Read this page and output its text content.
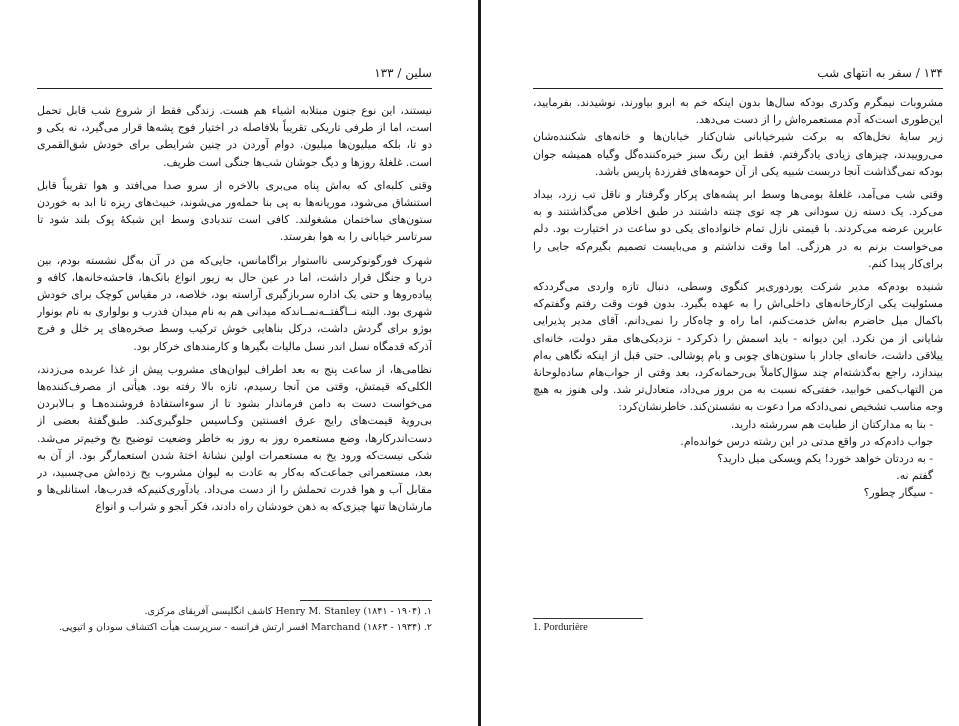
سلین / ۱۳۳

نیستند، این نوع جنون مبتلابه اشیاء هم هست. زندگی فقط از شروع شب قابل تحمل است، اما از طرفی تاریکی تقریباً بلافاصله در اختیار فوج پشه‌ها قرار می‌گیرد، نه یکی و دو تا، بلکه میلیون‌ها میلیون. دوام آوردن در چنین شرایطی برای خودش شق‌القمری است. غلغلهٔ روزها و دیگ جوشان شب‌ها جنگی است ظریف.

وقتی کلبه‌ای که به‌اش پناه می‌بری بالاخره از سرو صدا می‌افتد و هوا تقریباً قابل استنشاق می‌شود، موریانه‌ها به پی بنا حمله‌ور می‌شوند، خبیث‌های ریزه تا ابد به خوردن ستون‌های ساختمان مشغولند. کافی است تندبادی وسط این شبکهٔ پوک بلند شود تا سرتاسر خیابانی را به هوا بفرستد.

شهرک فورگونوکرسی نااستوار براگامانس، جایی‌که من در آن به‌گل نشسته بودم، بین دریا و جنگل قرار داشت، اما در عین حال به زیور انواع بانک‌ها، فاحشه‌خانه‌ها، کافه و پیاده‌روها و حتی یک اداره سربازگیری آراسته بود، خلاصه، در مقیاس کوچک برای خودش شهری بود. البته نــاگفتــه‌نمــاندکه میدانی هم به نام میدان فدرب و بولواری به نام بونوار بوژو برای گردش داشت، درکل بناهایی خوش ترکیب وسط صخره‌های پر خلل و فرج آذرکه قدمگاه نسل اندر نسل مالیات بگیرها و کارمندهای خرکار بود.

نظامی‌ها، از ساعت پنج به بعد اطراف لیوان‌های مشروب پیش از غذا عربده می‌زدند، الکلی‌که قیمتش، وقتی من آنجا رسیدم، تازه بالا رفته بود. هیأتی از مصرف‌کننده‌ها می‌خواست دست به دامن فرماندار بشود تا از سوءاستفادهٔ فروشنده‌هـا و بـالابردن بی‌رویهٔ قیمت‌های رایج عرق افسنتین وکـاسیس جلوگیری‌کند. طبق‌گفتهٔ بعضی از دست‌اندرکارها، وضع مستعمره روز به روز به خاطر وضعیت توضیح یخ وخیم‌تر می‌شد. شکی نیست‌که ورود یخ به مستعمرات اولین نشانهٔ اختهٔ شدن استعمارگر بود. از آن به بعد، مستعمراتی جماعت‌که به‌کار به عادت به لیوان مشروب یخ زده‌اش می‌چسبید، در مقابل آب و هوا قدرت تحملش را از دست می‌داد. یادآوری‌کنیم‌که فدرب‌ها، استانلی‌ها و مارشان‌ها تنها چیزی‌که به ذهن خودشان راه دادند، فکر آبجو و شراب و انواع

۱. Henry M. Stanley (۱۸۴۱ - ۱۹۰۴) کاشف انگلیسی آفریقای مرکزی.
۲. Marchand (۱۸۶۳ - ۱۹۳۴) افسر ارتش فرانسه - سرپرست هیأت اکتشاف سودان و اتیوپی.
۱۳۴ / سفر به انتهای شب

مشروبات نیمگرم وکدری بودکه سال‌ها بدون اینکه خم به ابرو بیاورند، نوشیدند. بفرمایید، این‌طوری است‌که آدم مستعمره‌اش را از دست می‌دهد.

زیر سایهٔ نخل‌ها‌که به برکت شیرخیابانی شان‌کنار خیابان‌ها و خانه‌های شکننده‌شان می‌روییدند، چیزهای زیادی یادگرفتم. فقط این رنگ سبز خیره‌کننده‌گل وگیاه همیشه جوان بودکه نمی‌گذاشت آنجا دربست شبیه یکی از آن حومه‌های فقرزدهٔ پاریس باشد.

وقتی شب می‌آمد، غلغلهٔ بومی‌ها وسط ابر پشه‌های پرکار وگرفتار و ناقل تب زرد، بیداد می‌کرد. یک دسته زن سودانی هر چه توی چنته داشتند در طبق اخلاص می‌گذاشتند و به عابرین عرضه می‌کردند. با قیمتی نازل تمام خانواده‌ای یکی دو ساعت در اختیارت بود. دلم می‌خواست بزنم به در هرزگی. اما وقت نداشتم و می‌بایست تصمیم بگیرم‌که جایی را برای‌کار پیدا کنم.

شنیده بودم‌که مدیر شرکت پوردوری‌یر کنگوی وسطی، دنبال تازه واردی می‌گردد‌که مسئولیت یکی ازکارخانه‌های داخلی‌اش را به عهده بگیرد. بدون فوت وقت رفتم وگفتم‌که باکمال میل حاضرم به‌اش خدمت‌کنم، اما راه و چاه‌کار را نمی‌دانم. آقای مدیر پذیرایی شایانی از من نکرد. این دیوانه - باید اسمش را ذکرکرد - نزدیکی‌های مقر دولت، خانه‌ای ییلاقی داشت، خانه‌ای جادار با ستون‌های چوبی و بام پوشالی. حتی قبل از اینکه نگاهی به‌ام بیندازد، راجع به‌گذشته‌ام چند سؤال‌کاملاً بی‌رحمانه‌کرد، بعد وقتی از جواب‌هام ساده‌لوحانهٔ من التهاب‌کمی خوابید، خفتی‌که نسبت به من بروز می‌داد، متعادل‌تر شد. ولی هنوز به هیچ وجه مناسب تشخیص نمی‌داد‌که مرا دعوت به نشستن‌کند. خاطرنشان‌کرد:

- بنا به مدارکتان از طبابت هم سررشته دارید.

جواب دادم‌که در واقع مدتی در این رشته درس خوانده‌ام.

- به دردتان خواهد خورد! یکم ویسکی میل دارید؟

گفتم نه.

- سیگار چطور؟

1. Pordurière
